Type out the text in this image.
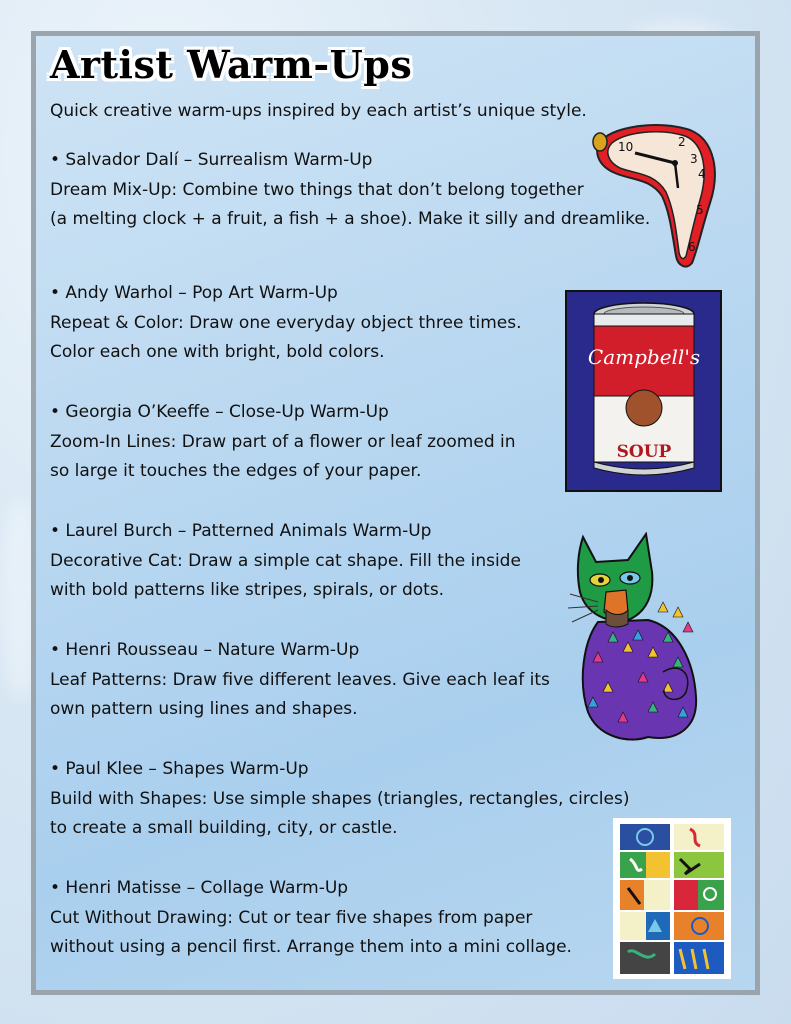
Artist Warm-Ups
Quick creative warm-ups inspired by each artist’s unique style.
• Salvador Dalí – Surrealism Warm-Up
Dream Mix-Up: Combine two things that don’t belong together
(a melting clock + a fruit, a fish + a shoe). Make it silly and dreamlike.
• Andy Warhol – Pop Art Warm-Up
Repeat & Color: Draw one everyday object three times.
Color each one with bright, bold colors.
• Georgia O’Keeffe – Close-Up Warm-Up
Zoom-In Lines: Draw part of a flower or leaf zoomed in
so large it touches the edges of your paper.
• Laurel Burch – Patterned Animals Warm-Up
Decorative Cat: Draw a simple cat shape. Fill the inside
with bold patterns like stripes, spirals, or dots.
• Henri Rousseau – Nature Warm-Up
Leaf Patterns: Draw five different leaves. Give each leaf its
own pattern using lines and shapes.
• Paul Klee – Shapes Warm-Up
Build with Shapes: Use simple shapes (triangles, rectangles, circles)
to create a small building, city, or castle.
• Henri Matisse – Collage Warm-Up
Cut Without Drawing: Cut or tear five shapes from paper
without using a pencil first. Arrange them into a mini collage.
10	2
3
4
5
6
Campbell's
SOUP
